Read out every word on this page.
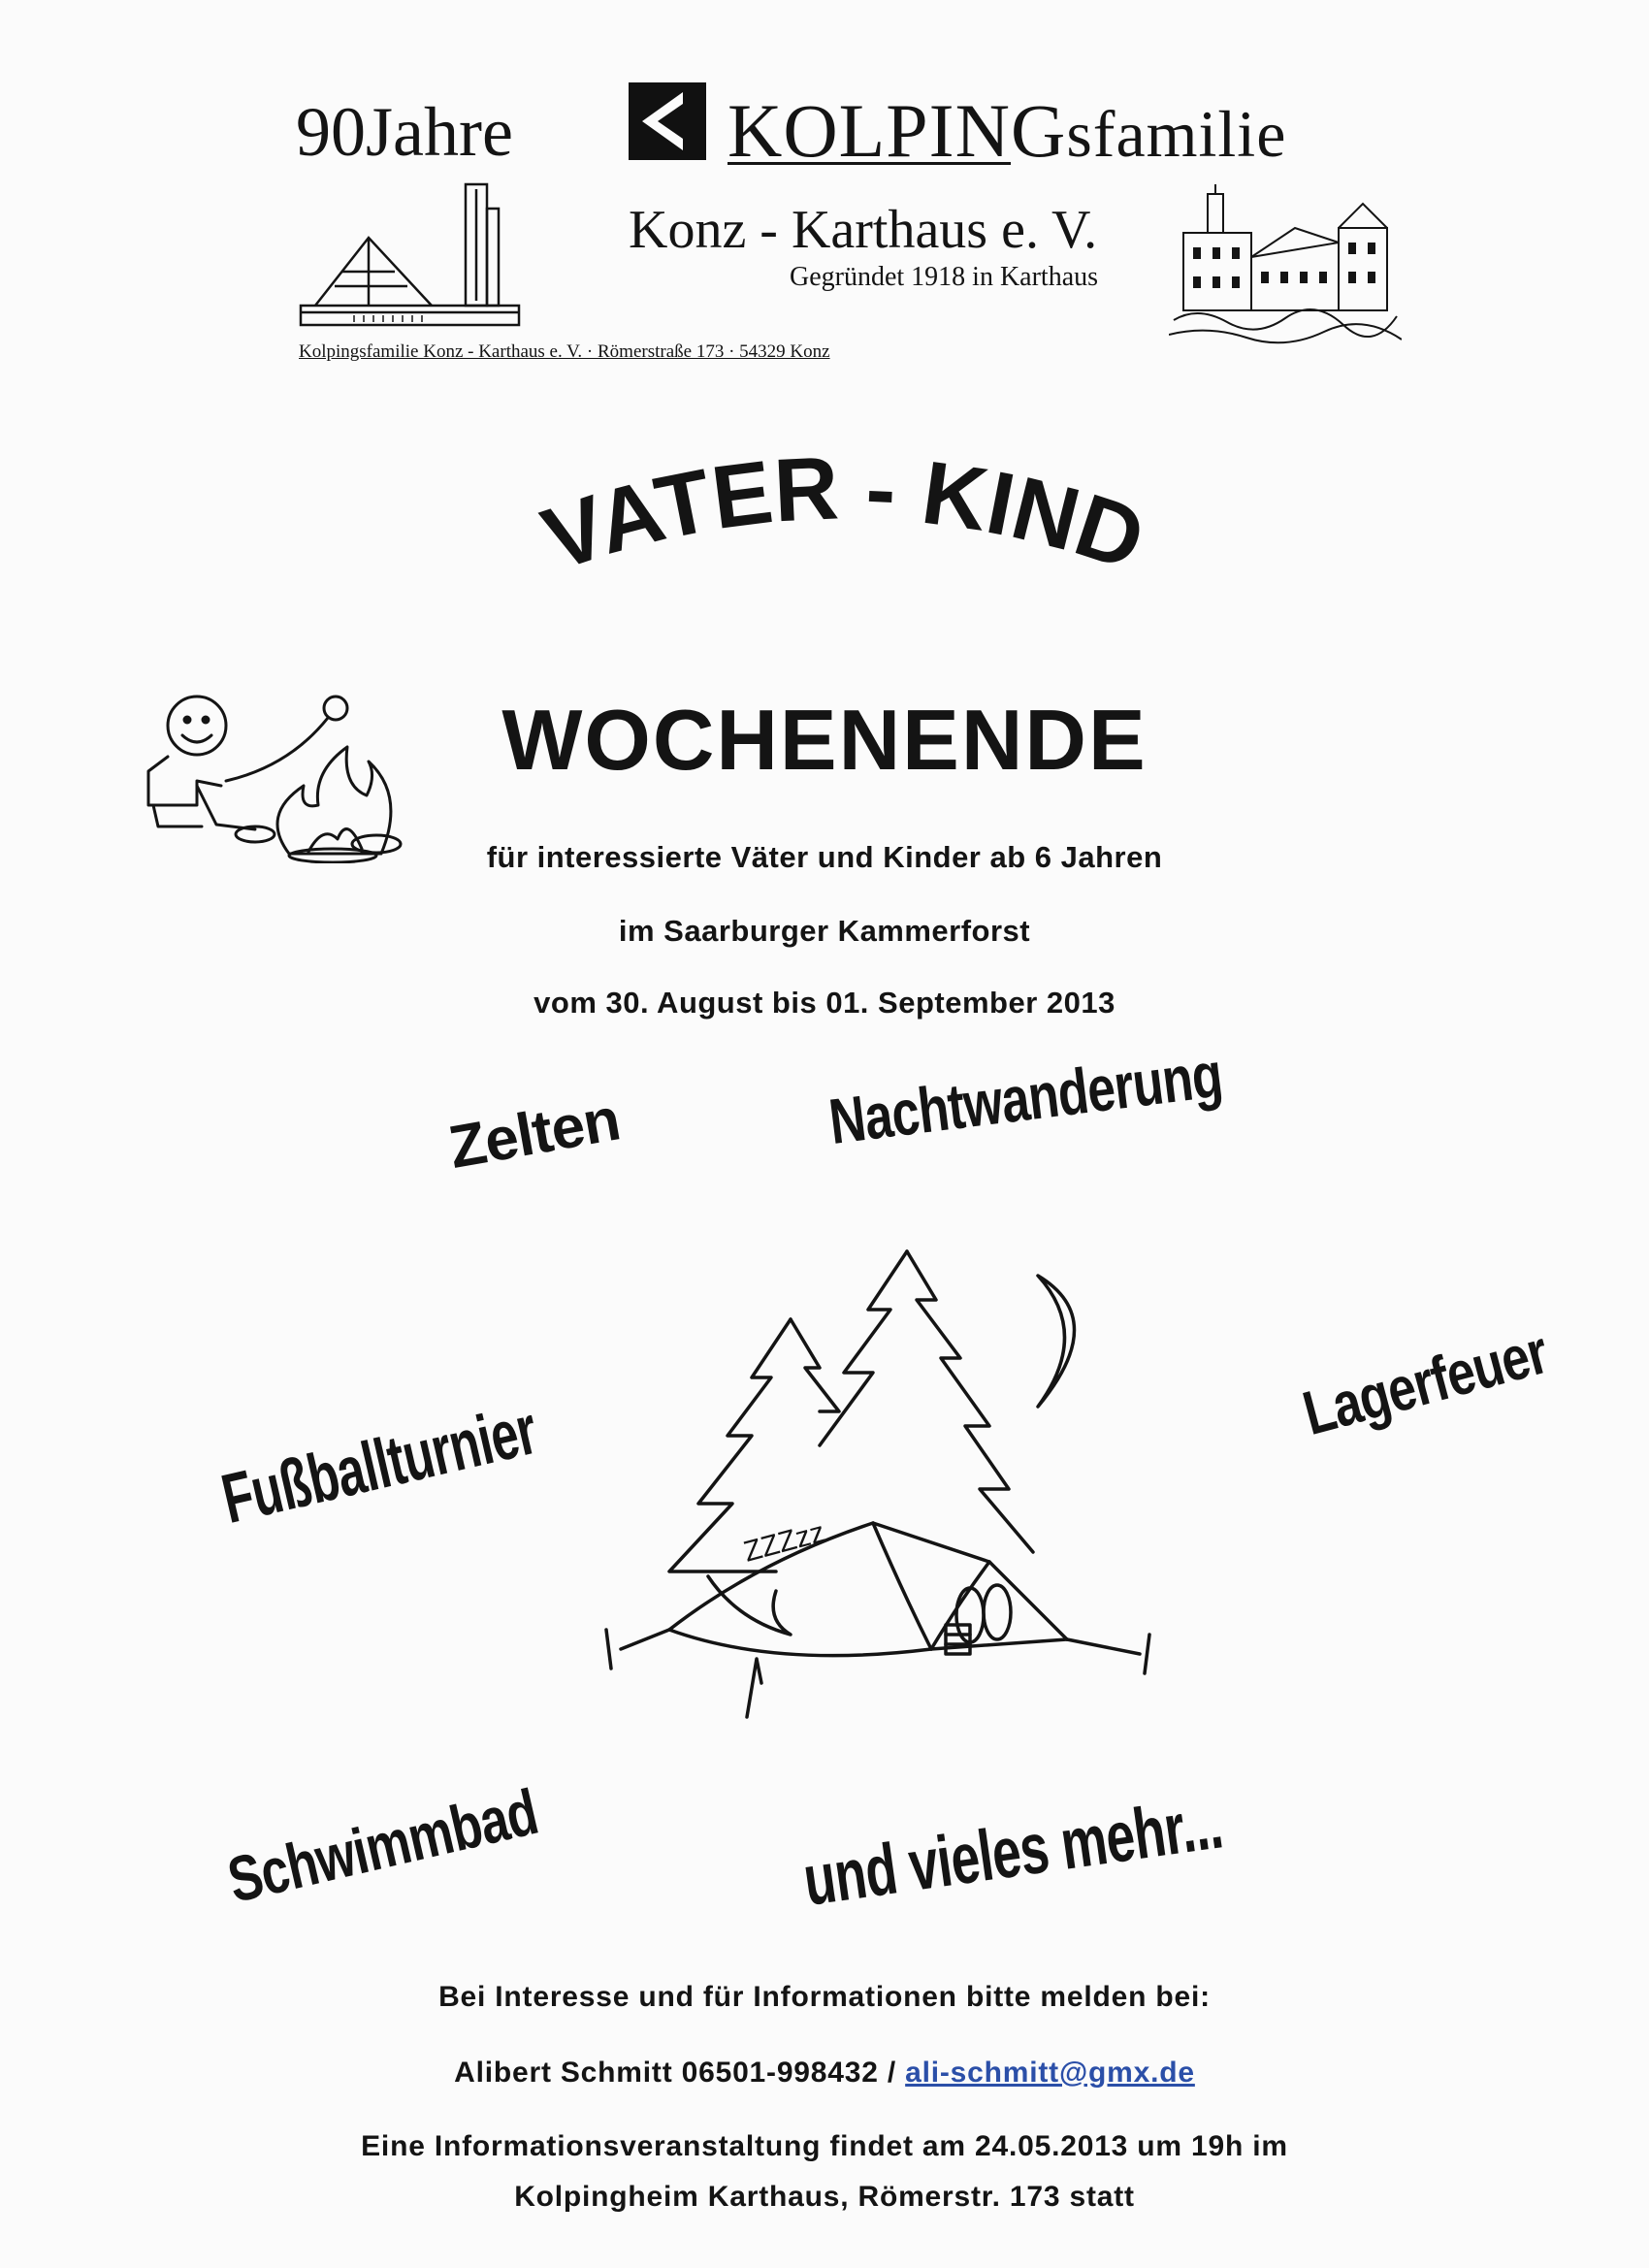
90Jahre	KOLPINGsfamilie
Konz - Karthaus e. V.
Gegründet 1918 in Karthaus
Kolpingsfamilie Konz - Karthaus e. V. · Römerstraße 173 · 54329 Konz
VATER - KIND
WOCHENENDE
für interessierte Väter und Kinder ab 6 Jahren
im Saarburger Kammerforst
vom 30. August bis 01. September 2013
Zelten	Nachtwanderung
Fußballturnier
Lagerfeuer
Schwimmbad	und vieles mehr...
ZZZzz
Bei Interesse und für Informationen bitte melden bei:
Alibert Schmitt 06501-998432 / ali-schmitt@gmx.de
Eine Informationsveranstaltung findet am 24.05.2013 um 19h im
Kolpingheim Karthaus, Römerstr. 173 statt
